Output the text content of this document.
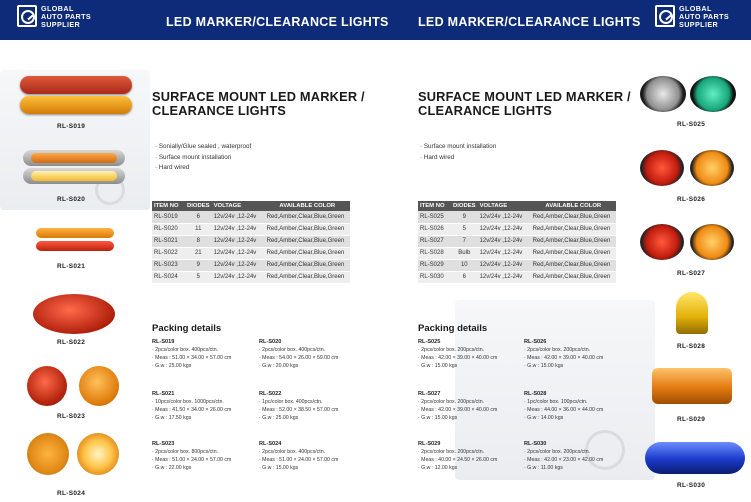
GLOBAL
AUTO PARTS
SUPPLIER	LED MARKER/CLEARANCE LIGHTS LED MARKER/CLEARANCE LIGHTS
GLOBAL
AUTO PARTS
SUPPLIER
RL-S019
RL-S020
RL-S021
RL-S022
RL-S023
RL-S024
SURFACE MOUNT LED MARKER /
CLEARANCE LIGHTS
· Sonially/Glue sealed , waterproof
· Surface mount installation
· Hard wired
ITEM NO	DIODES	VOLTAGE	AVAILABLE COLOR
RL-S019	6	12v/24v ,12-24v	Red,Amber,Clear,Blue,Green
RL-S020	11	12v/24v ,12-24v	Red,Amber,Clear,Blue,Green
RL-S021	8	12v/24v ,12-24v	Red,Amber,Clear,Blue,Green
RL-S022	21	12v/24v ,12-24v	Red,Amber,Clear,Blue,Green
RL-S023	9	12v/24v ,12-24v	Red,Amber,Clear,Blue,Green
RL-S024	5	12v/24v ,12-24v	Red,Amber,Clear,Blue,Green
Packing details
RL-S019
· 2pcs/color box. 400pcs/ctn.
· Meas : 51.00 × 34.00 × 57.00 cm
· G.w : 25.00 kgs
RL-S020
· 2pcs/color box. 400pcs/ctn.
· Meas : 54.00 × 26.00 × 59.00 cm
· G.w : 20.00 kgs
RL-S021
· 10pcs/color box. 1000pcs/ctn.
· Meas : 41.50 × 34.00 × 26.00 cm
· G.w : 17.50 kgs
RL-S022
· 1pc/color box. 400pcs/ctn.
· Meas : 52.00 × 38.50 × 57.00 cm
· G.w : 25.00 kgs
RL-S023
· 2pcs/color box. 800pcs/ctn.
· Meas : 51.00 × 24.00 × 57.00 cm
· G.w : 22.00 kgs
RL-S024
· 2pcs/color box. 400pcs/ctn.
· Meas : 51.00 × 24.00 × 57.00 cm
· G.w : 15.00 kgs
SURFACE MOUNT LED MARKER /
CLEARANCE LIGHTS
· Surface mount installation
· Hard wired
ITEM NO	DIODES	VOLTAGE	AVAILABLE COLOR
RL-S025	9	12v/24v ,12-24v	Red,Amber,Clear,Blue,Green
RL-S026	5	12v/24v ,12-24v	Red,Amber,Clear,Blue,Green
RL-S027	7	12v/24v ,12-24v	Red,Amber,Clear,Blue,Green
RL-S028	Bulb	12v/24v ,12-24v	Red,Amber,Clear,Blue,Green
RL-S029	10	12v/24v ,12-24v	Red,Amber,Clear,Blue,Green
RL-S030	6	12v/24v ,12-24v	Red,Amber,Clear,Blue,Green
Packing details
RL-S025
· 2pcs/color box. 200pcs/ctn.
· Meas : 42.00 × 39.00 × 40.00 cm
· G.w : 15.00 kgs
RL-S026
· 2pcs/color box. 200pcs/ctn.
· Meas : 42.00 × 39.00 × 40.00 cm
· G.w : 15.00 kgs
RL-S027
· 2pcs/color box. 200pcs/ctn.
· Meas : 42.00 × 39.00 × 40.00 cm
· G.w : 15.00 kgs
RL-S028
· 1pc/color box. 100pcs/ctn.
· Meas : 44.00 × 36.00 × 44.00 cm
· G.w : 14.00 kgs
RL-S029
· 2pcs/color box. 200pcs/ctn.
· Meas : 40.00 × 24.50 × 26.00 cm
· G.w : 12.00 kgs
RL-S030
· 2pcs/color box. 200pcs/ctn.
· Meas : 42.00 × 23.00 × 42.00 cm
· G.w : 11.00 kgs
RL-S025
RL-S026
RL-S027
RL-S028
RL-S029
RL-S030
